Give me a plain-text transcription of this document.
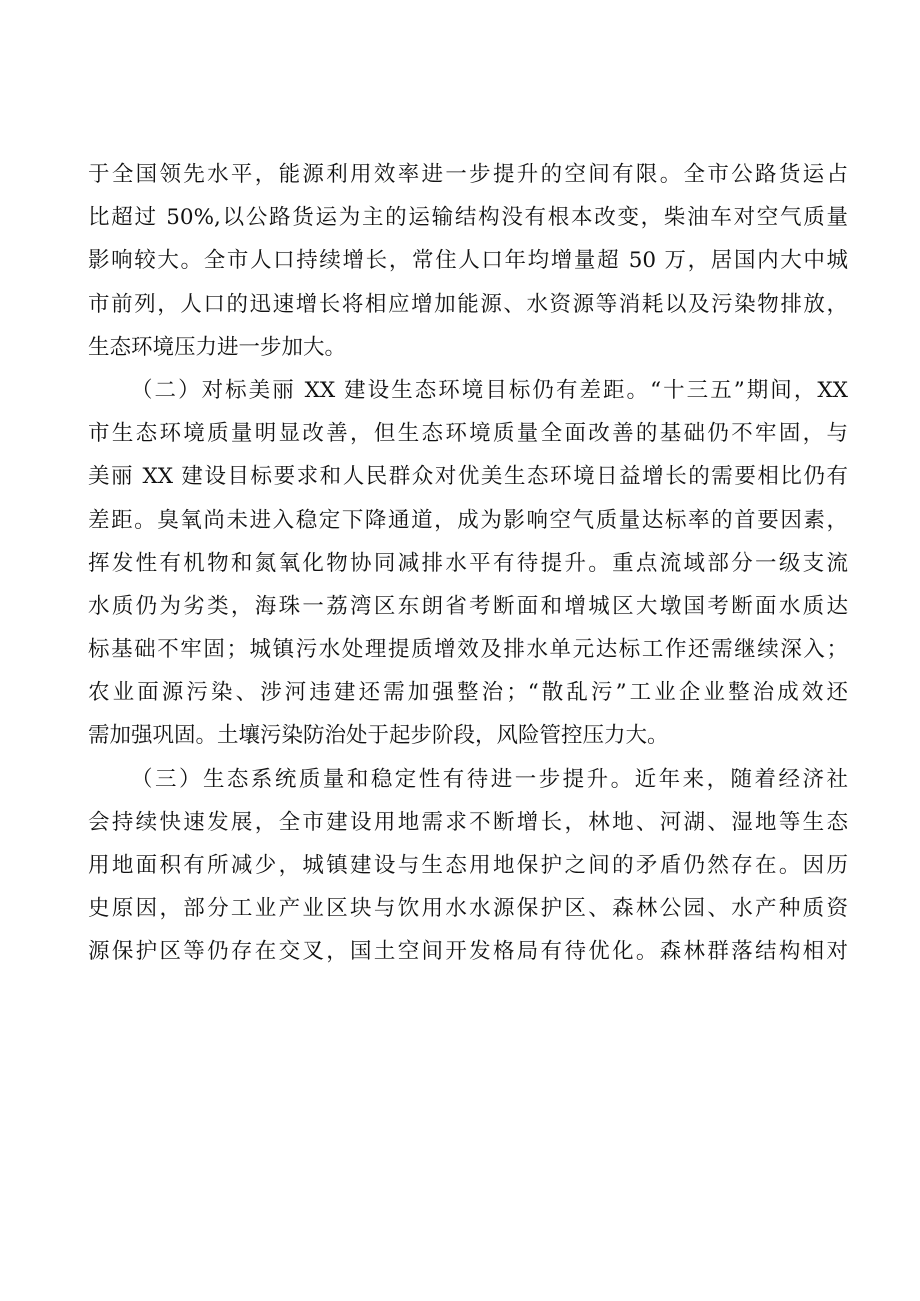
于全国领先水平，能源利用效率进一步提升的空间有限。全市公路货运占
比超过 50%,以公路货运为主的运输结构没有根本改变，柴油车对空气质量
影响较大。全市人口持续增长，常住人口年均增量超 50 万，居国内大中城
市前列，人口的迅速增长将相应增加能源、水资源等消耗以及污染物排放，
生态环境压力进一步加大。
（二）对标美丽 XX 建设生态环境目标仍有差距。“十三五”期间，XX
市生态环境质量明显改善，但生态环境质量全面改善的基础仍不牢固，与
美丽 XX 建设目标要求和人民群众对优美生态环境日益增长的需要相比仍有
差距。臭氧尚未进入稳定下降通道，成为影响空气质量达标率的首要因素，
挥发性有机物和氮氧化物协同减排水平有待提升。重点流域部分一级支流
水质仍为劣类，海珠一荔湾区东朗省考断面和增城区大墩国考断面水质达
标基础不牢固；城镇污水处理提质增效及排水单元达标工作还需继续深入；
农业面源污染、涉河违建还需加强整治；“散乱污”工业企业整治成效还
需加强巩固。土壤污染防治处于起步阶段，风险管控压力大。
（三）生态系统质量和稳定性有待进一步提升。近年来，随着经济社
会持续快速发展，全市建设用地需求不断增长，林地、河湖、湿地等生态
用地面积有所减少，城镇建设与生态用地保护之间的矛盾仍然存在。因历
史原因，部分工业产业区块与饮用水水源保护区、森林公园、水产种质资
源保护区等仍存在交叉，国土空间开发格局有待优化。森林群落结构相对
